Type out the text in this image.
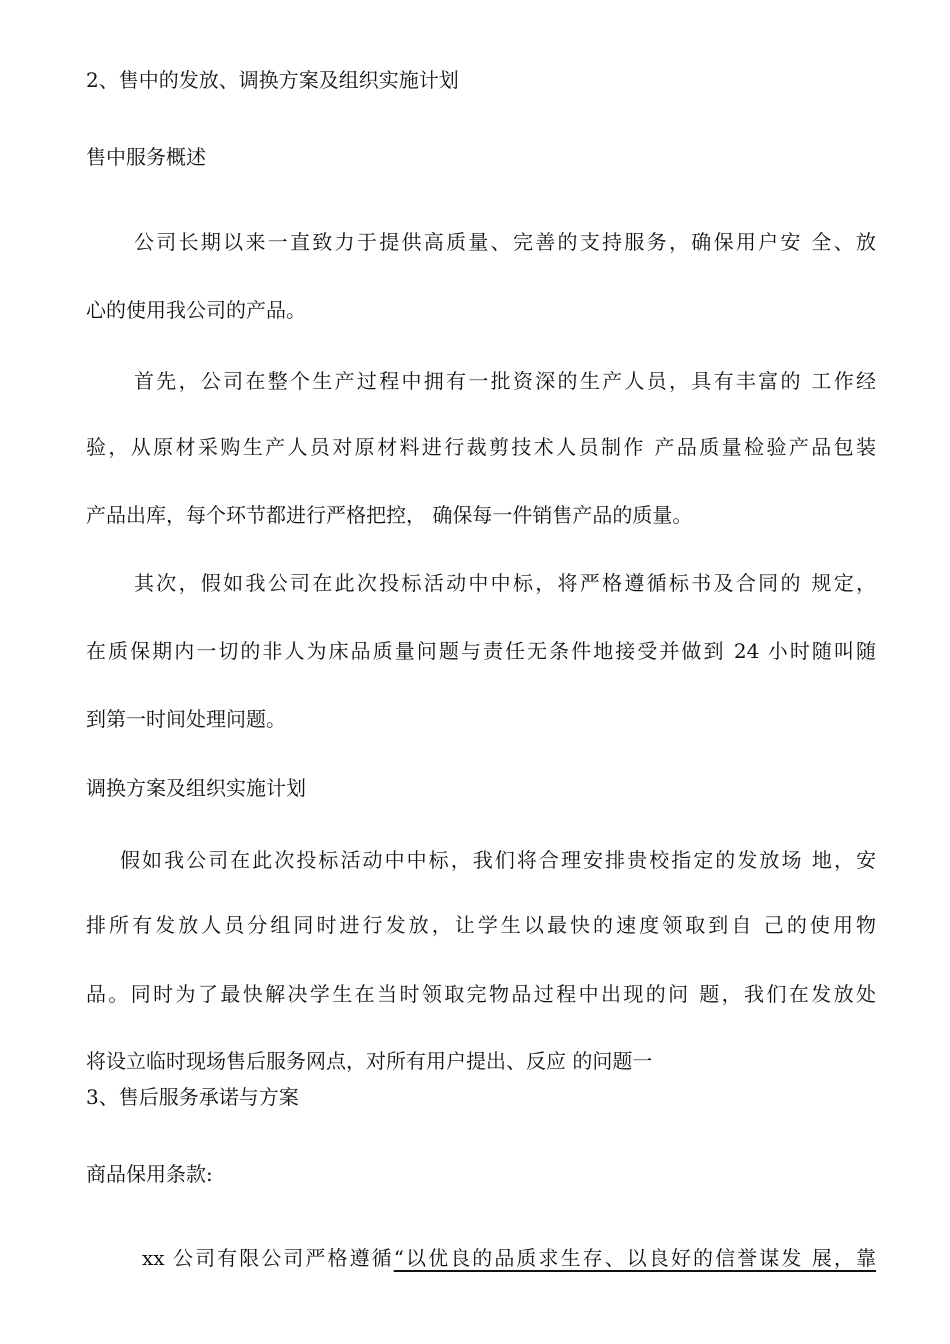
2、售中的发放、调换方案及组织实施计划
售中服务概述
公司长期以来一直致力于提供高质量、完善的支持服务，确保用户安 全、放
心的使用我公司的产品。
首先，公司在整个生产过程中拥有一批资深的生产人员，具有丰富的 工作经
验，从原材采购生产人员对原材料进行裁剪技术人员制作 产品质量检验产品包装
产品出库，每个环节都进行严格把控， 确保每一件销售产品的质量。
其次，假如我公司在此次投标活动中中标，将严格遵循标书及合同的 规定，
在质保期内一切的非人为床品质量问题与责任无条件地接受并做到 24 小时随叫随
到第一时间处理问题。
调换方案及组织实施计划
假如我公司在此次投标活动中中标，我们将合理安排贵校指定的发放场 地，安
排所有发放人员分组同时进行发放，让学生以最快的速度领取到自 己的使用物
品。同时为了最快解决学生在当时领取完物品过程中出现的问 题，我们在发放处
将设立临时现场售后服务网点，对所有用户提出、反应 的问题一
3、售后服务承诺与方案
商品保用条款:
xx 公司有限公司严格遵循“以优良的品质求生存、以良好的信誉谋发 展，靠
